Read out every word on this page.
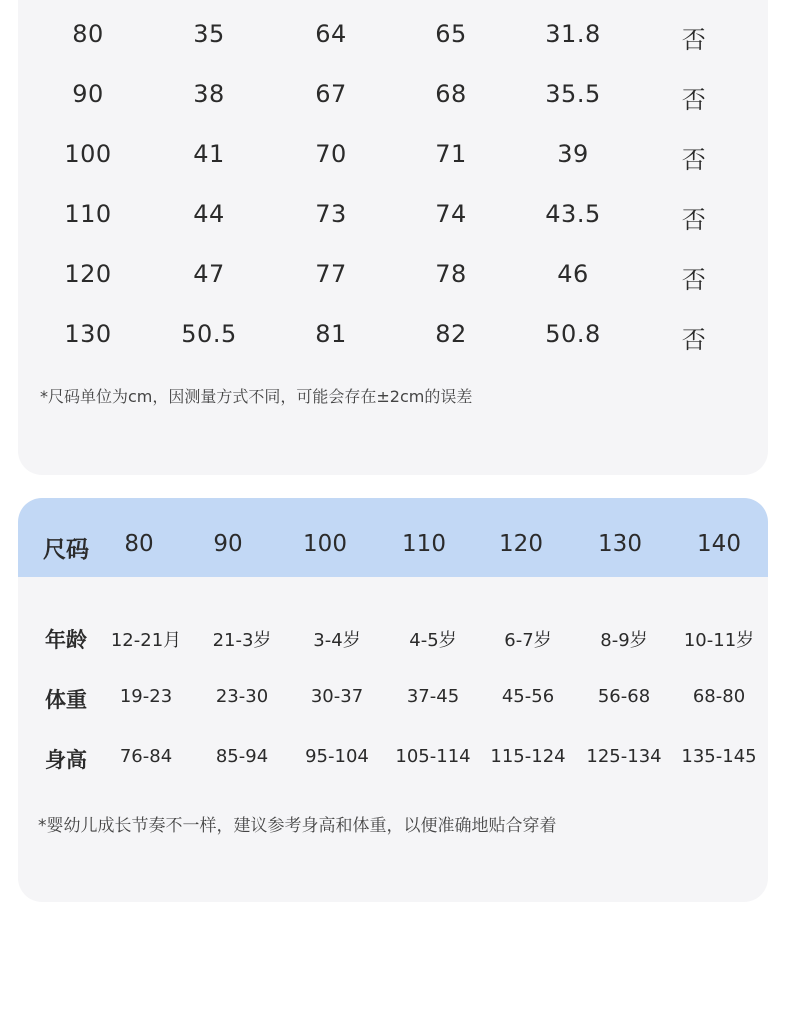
80	35	64	65	31.8	否
90	38	67	68	35.5	否
100	41	70	71	39	否
110	44	73	74	43.5	否
120	47	77	78	46	否
130	50.5	81	82	50.8	否
*尺码单位为cm，因测量方式不同，可能会存在±2cm的误差
尺码	80	90	100	110	120	130	140
年龄	12-21月	21-3岁	3-4岁	4-5岁	6-7岁	8-9岁	10-11岁
体重	19-23	23-30	30-37	37-45	45-56	56-68	68-80
身高	76-84	85-94	95-104	105-114	115-124	125-134	135-145
*婴幼儿成长节奏不一样，建议参考身高和体重，以便准确地贴合穿着
